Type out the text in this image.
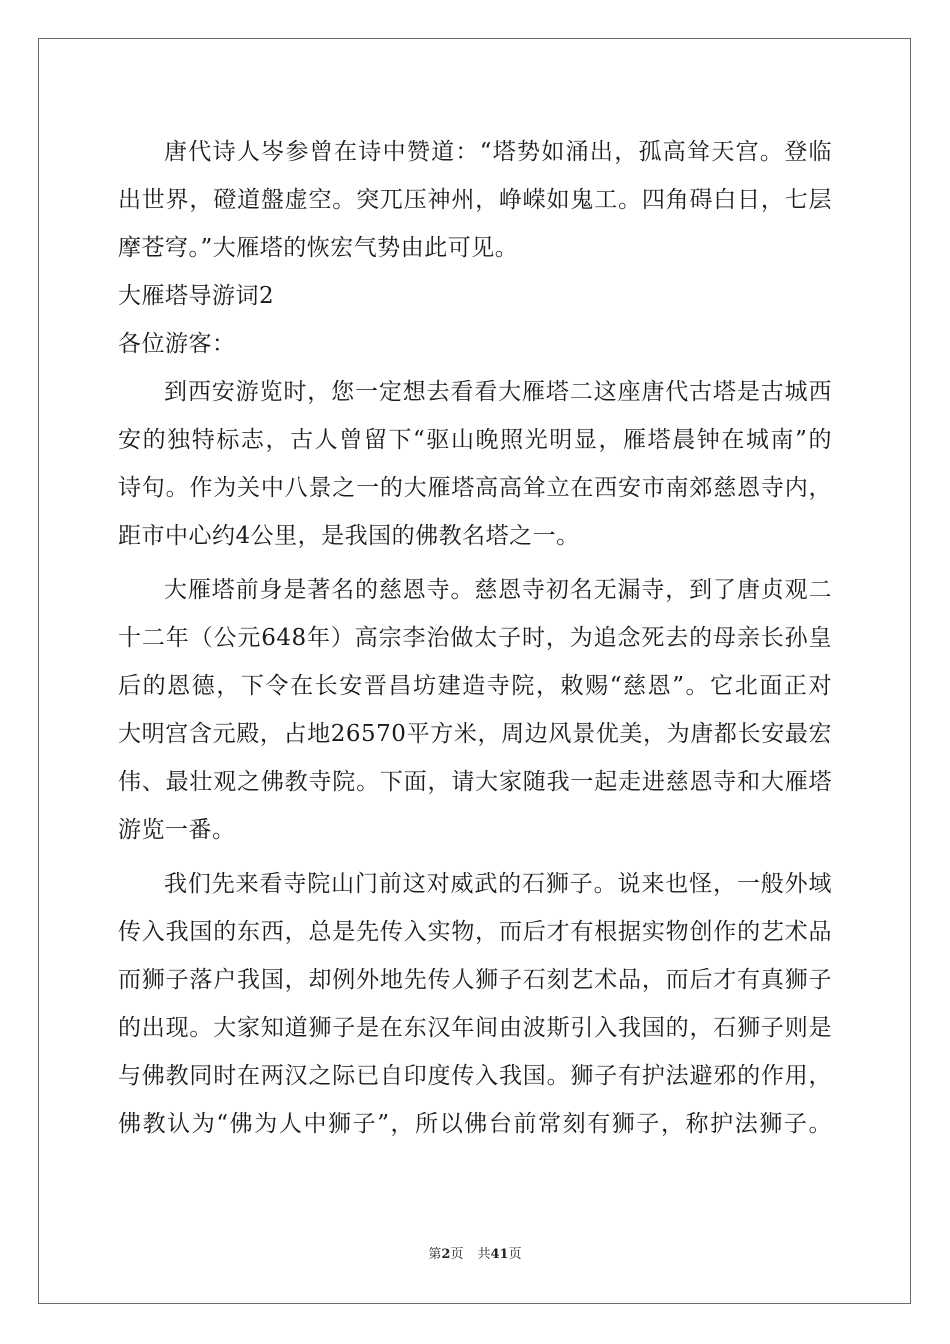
唐代诗人岑参曾在诗中赞道：“塔势如涌出，孤高耸天宫。登临
出世界，磴道盤虚空。突兀压神州，峥嵘如鬼工。四角碍白日，七层
摩苍穹。”大雁塔的恢宏气势由此可见。
大雁塔导游词2
各位游客：
到西安游览时，您一定想去看看大雁塔二这座唐代古塔是古城西
安的独特标志，古人曾留下“驱山晚照光明显，雁塔晨钟在城南”的
诗句。作为关中八景之一的大雁塔高高耸立在西安市南郊慈恩寺内，
距市中心约4公里，是我国的佛教名塔之一。
大雁塔前身是著名的慈恩寺。慈恩寺初名无漏寺，到了唐贞观二
十二年（公元648年）高宗李治做太子时，为追念死去的母亲长孙皇
后的恩德，下令在长安晋昌坊建造寺院，敕赐“慈恩”。它北面正对
大明宫含元殿，占地26570平方米，周边风景优美，为唐都长安最宏
伟、最壮观之佛教寺院。下面，请大家随我一起走进慈恩寺和大雁塔
游览一番。
我们先来看寺院山门前这对威武的石狮子。说来也怪，一般外域
传入我国的东西，总是先传入实物，而后才有根据实物创作的艺术品
而狮子落户我国，却例外地先传人狮子石刻艺术品，而后才有真狮子
的出现。大家知道狮子是在东汉年间由波斯引入我国的，石狮子则是
与佛教同时在两汉之际已自印度传入我国。狮子有护法避邪的作用，
佛教认为“佛为人中狮子”，所以佛台前常刻有狮子，称护法狮子。
第2页 共41页
